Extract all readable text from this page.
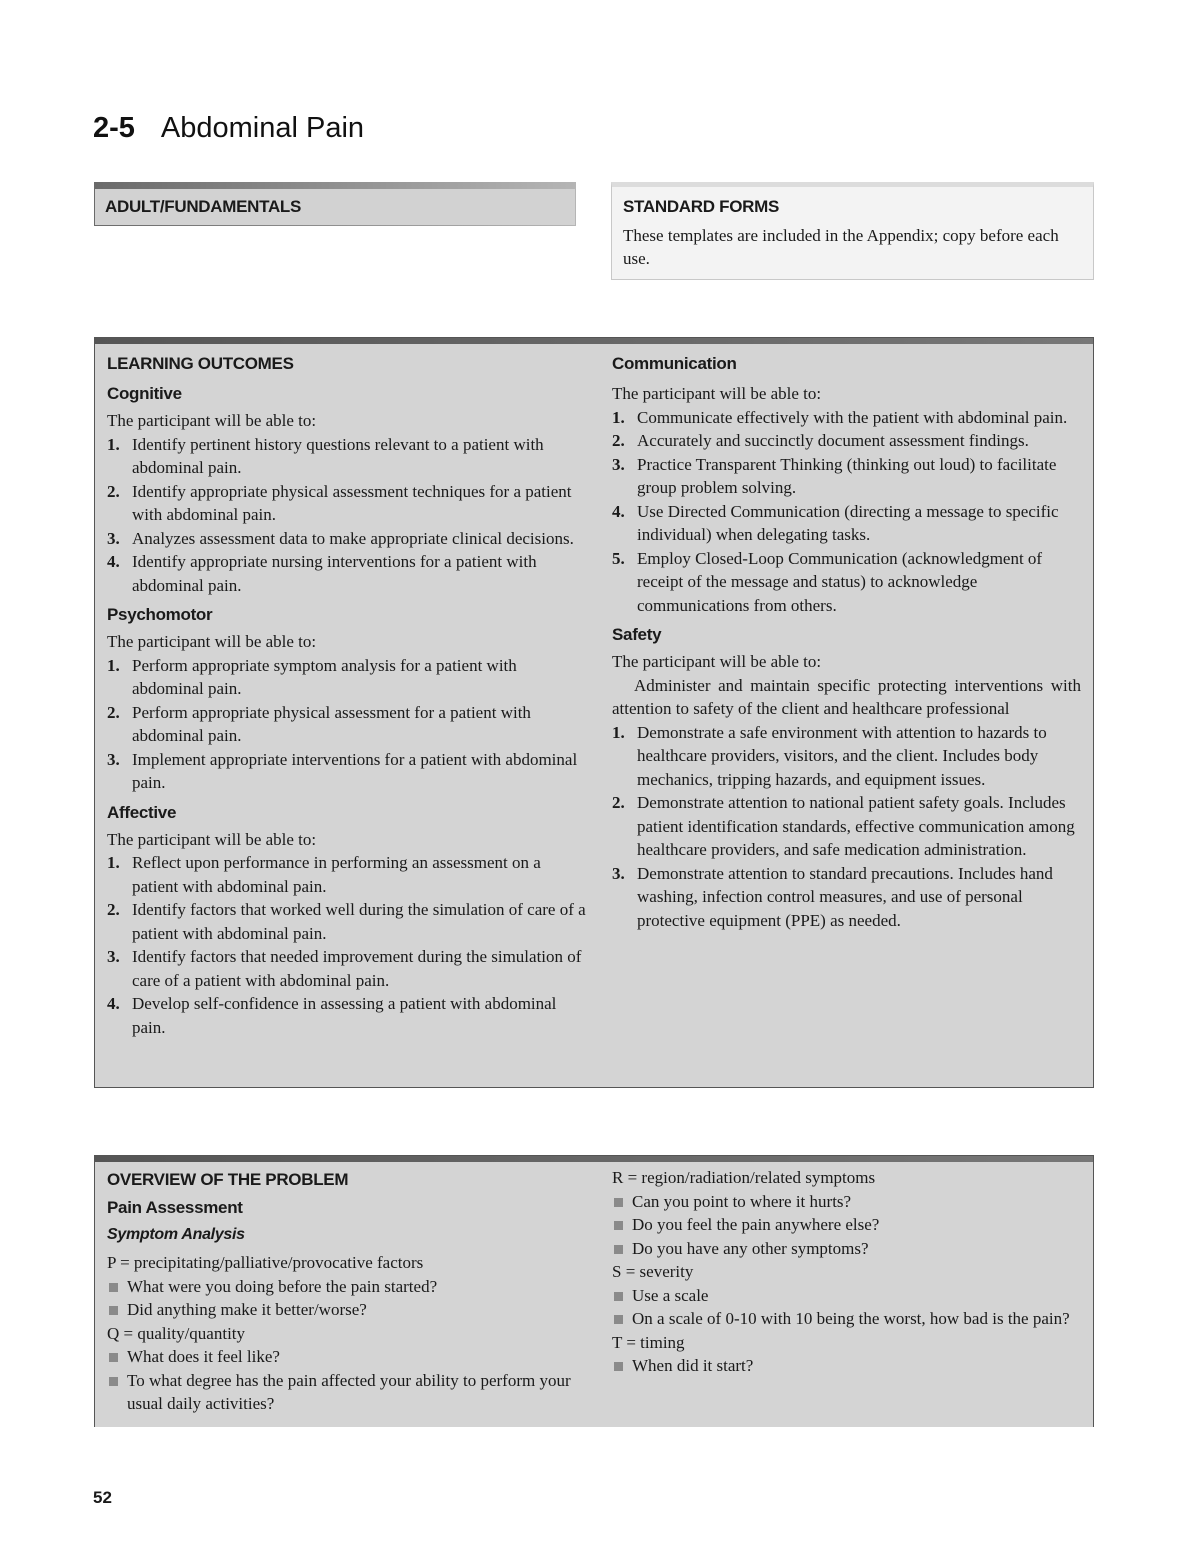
2-5 Abdominal Pain
ADULT/FUNDAMENTALS	STANDARD FORMS
These templates are included in the Appendix; copy before each use.
LEARNING OUTCOMES
Cognitive

The participant will be able to:

1. Identify pertinent history questions relevant to a patient with abdominal pain.
2. Identify appropriate physical assessment techniques for a patient with abdominal pain.
3. Analyzes assessment data to make appropriate clinical decisions.
4. Identify appropriate nursing interventions for a patient with abdominal pain.
Psychomotor

The participant will be able to:

1. Perform appropriate symptom analysis for a patient with abdominal pain.
2. Perform appropriate physical assessment for a patient with abdominal pain.
3. Implement appropriate interventions for a patient with abdominal pain.
Affective

The participant will be able to:

1. Reflect upon performance in performing an assessment on a patient with abdominal pain.
2. Identify factors that worked well during the simulation of care of a patient with abdominal pain.
3. Identify factors that needed improvement during the simulation of care of a patient with abdominal pain.
4. Develop self-confidence in assessing a patient with abdominal pain.
Communication

The participant will be able to:

1. Communicate effectively with the patient with abdominal pain.
2. Accurately and succinctly document assessment findings.
3. Practice Transparent Thinking (thinking out loud) to facilitate group problem solving.
4. Use Directed Communication (directing a message to specific individual) when delegating tasks.
5. Employ Closed-Loop Communication (acknowledgment of receipt of the message and status) to acknowledge communications from others.
Safety

The participant will be able to:

Administer and maintain specific protecting interventions with attention to safety of the client and healthcare professional

1. Demonstrate a safe environment with attention to hazards to healthcare providers, visitors, and the client. Includes body mechanics, tripping hazards, and equipment issues.
2. Demonstrate attention to national patient safety goals. Includes patient identification standards, effective communication among healthcare providers, and safe medication administration.
3. Demonstrate attention to standard precautions. Includes hand washing, infection control measures, and use of personal protective equipment (PPE) as needed.
OVERVIEW OF THE PROBLEM
Pain Assessment
Symptom Analysis

P = precipitating/palliative/provocative factors

What were you doing before the pain started?
Did anything make it better/worse?

Q = quality/quantity

What does it feel like?
To what degree has the pain affected your ability to perform your usual daily activities?

R = region/radiation/related symptoms

Can you point to where it hurts?
Do you feel the pain anywhere else?
Do you have any other symptoms?

S = severity

Use a scale
On a scale of 0-10 with 10 being the worst, how bad is the pain?

T = timing

When did it start?
52
